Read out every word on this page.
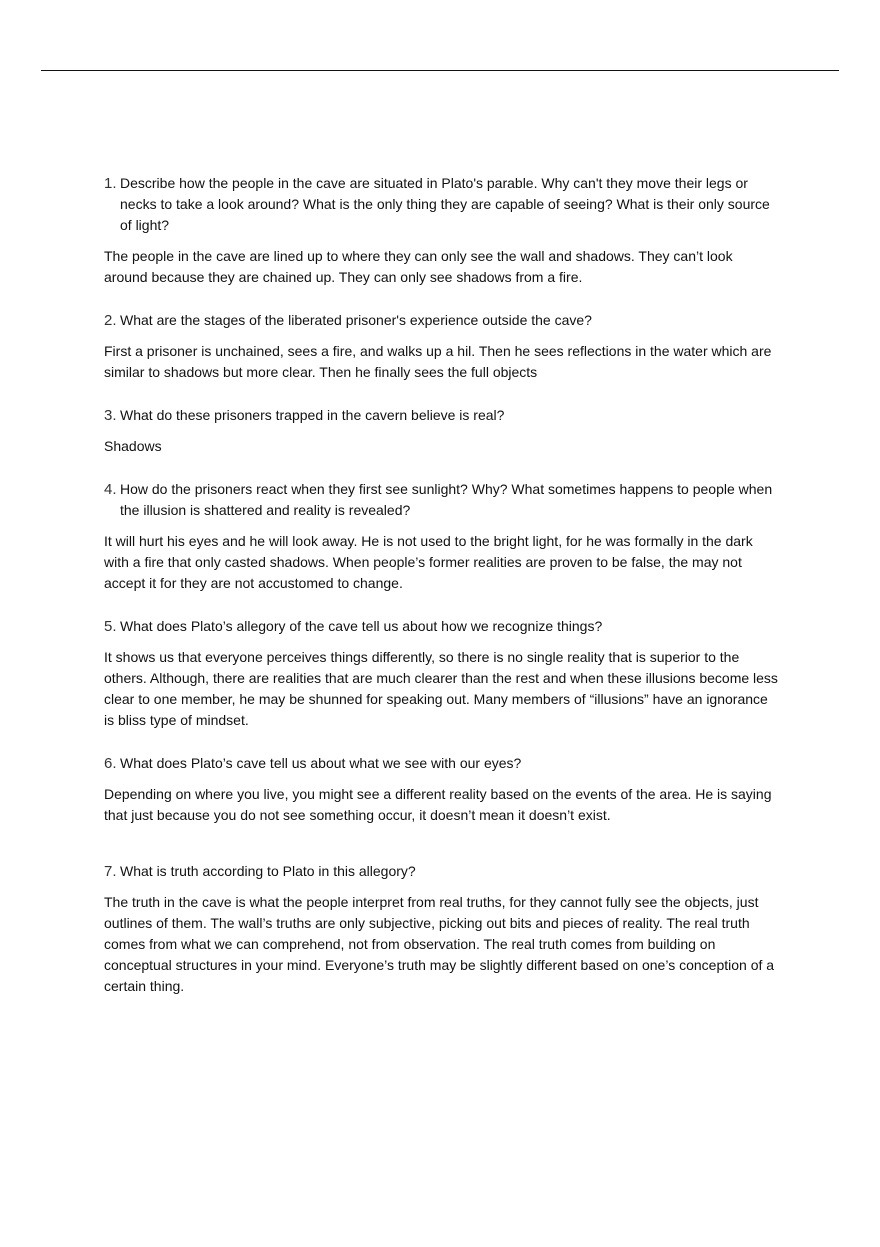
1. Describe how the people in the cave are situated in Plato's parable. Why can't they move their legs or necks to take a look around? What is the only thing they are capable of seeing? What is their only source of light?

The people in the cave are lined up to where they can only see the wall and shadows. They can’t look around because they are chained up. They can only see shadows from a fire.

2. What are the stages of the liberated prisoner's experience outside the cave?

First a prisoner is unchained, sees a fire, and walks up a hil. Then he sees reflections in the water which are similar to shadows but more clear. Then he finally sees the full objects

3. What do these prisoners trapped in the cavern believe is real?

Shadows

4. How do the prisoners react when they first see sunlight? Why? What sometimes happens to people when the illusion is shattered and reality is revealed?

It will hurt his eyes and he will look away. He is not used to the bright light, for he was formally in the dark with a fire that only casted shadows. When people’s former realities are proven to be false, the may not accept it for they are not accustomed to change.

5. What does Plato’s allegory of the cave tell us about how we recognize things?

It shows us that everyone perceives things differently, so there is no single reality that is superior to the others. Although, there are realities that are much clearer than the rest and when these illusions become less clear to one member, he may be shunned for speaking out. Many members of “illusions” have an ignorance is bliss type of mindset.

6. What does Plato’s cave tell us about what we see with our eyes?

Depending on where you live, you might see a different reality based on the events of the area. He is saying that just because you do not see something occur, it doesn’t mean it doesn’t exist.

7. What is truth according to Plato in this allegory?

The truth in the cave is what the people interpret from real truths, for they cannot fully see the objects, just outlines of them. The wall’s truths are only subjective, picking out bits and pieces of reality. The real truth comes from what we can comprehend, not from observation. The real truth comes from building on conceptual structures in your mind. Everyone’s truth may be slightly different based on one’s conception of a certain thing.
